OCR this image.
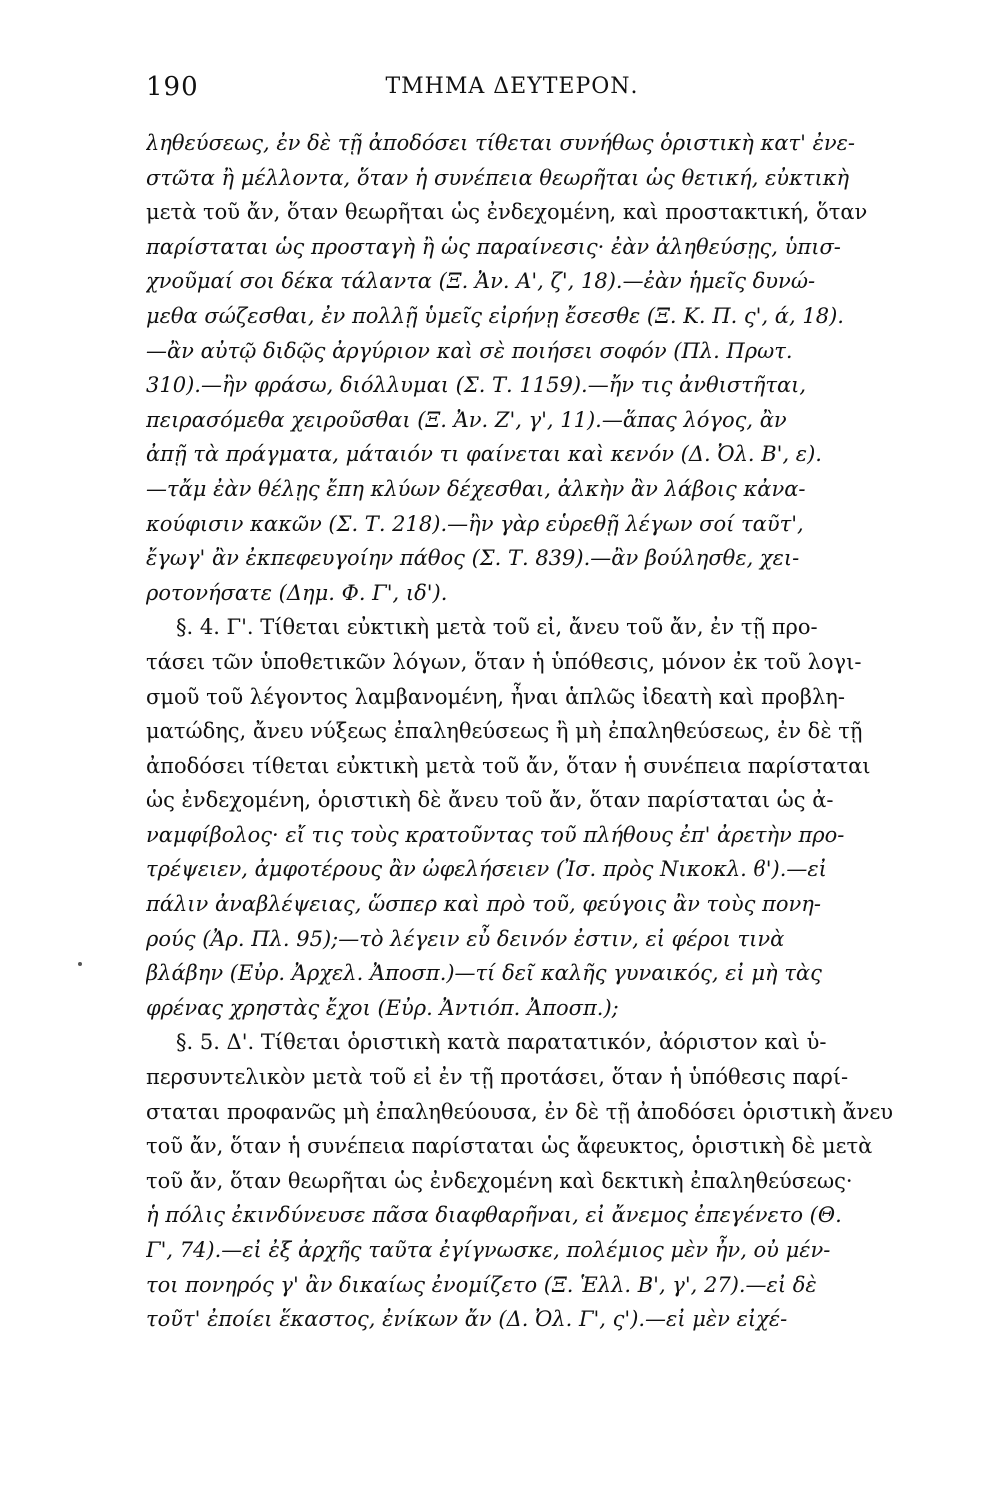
190	ΤΜΗΜΑ ΔΕΥΤΕΡΟΝ.
ληθεύσεως, ἐν δὲ τῇ ἀποδόσει τίθεται συνήθως ὁριστικὴ κατ' ἐνε-
στῶτα ἢ μέλλοντα, ὅταν ἡ συνέπεια θεωρῆται ὡς θετική, εὐκτικὴ
μετὰ τοῦ ἄν, ὅταν θεωρῆται ὡς ἐνδεχομένη, καὶ προστακτική, ὅταν
παρίσταται ὡς προσταγὴ ἢ ὡς παραίνεσις· ἐὰν ἀληθεύσῃς, ὑπισ-
χνοῦμαί σοι δέκα τάλαντα (Ξ. Ἀν. Α', ζ', 18).—ἐὰν ἡμεῖς δυνώ-
μεθα σώζεσθαι, ἐν πολλῇ ὑμεῖς εἰρήνῃ ἔσεσθε (Ξ. Κ. Π. ς', ά, 18).
—ἂν αὐτῷ διδῷς ἀργύριον καὶ σὲ ποιήσει σοφόν (Πλ. Πρωτ.
310).—ἢν φράσω, διόλλυμαι (Σ. Τ. 1159).—ἤν τις ἀνθιστῆται,
πειρασόμεθα χειροῦσθαι (Ξ. Ἀν. Ζ', γ', 11).—ἅπας λόγος, ἂν
ἀπῇ τὰ πράγματα, μάταιόν τι φαίνεται καὶ κενόν (Δ. Ὀλ. Β', ε).
—τἄμ ἐὰν θέλῃς ἔπη κλύων δέχεσθαι, ἀλκὴν ἂν λάβοις κἀνα-
κούφισιν κακῶν (Σ. Τ. 218).—ἢν γὰρ εὑρεθῇ λέγων σοί ταῦτ',
ἔγωγ' ἂν ἐκπεφευγοίην πάθος (Σ. Τ. 839).—ἂν βούλησθε, χει-
ροτονήσατε (Δημ. Φ. Γ', ιδ').
§. 4. Γ'. Τίθεται εὐκτικὴ μετὰ τοῦ εἰ, ἄνευ τοῦ ἄν, ἐν τῇ προ-
τάσει τῶν ὑποθετικῶν λόγων, ὅταν ἡ ὑπόθεσις, μόνον ἐκ τοῦ λογι-
σμοῦ τοῦ λέγοντος λαμβανομένη, ἦναι ἁπλῶς ἰδεατὴ καὶ προβλη-
ματώδης, ἄνευ νύξεως ἐπαληθεύσεως ἢ μὴ ἐπαληθεύσεως, ἐν δὲ τῇ
ἀποδόσει τίθεται εὐκτικὴ μετὰ τοῦ ἄν, ὅταν ἡ συνέπεια παρίσταται
ὡς ἐνδεχομένη, ὁριστικὴ δὲ ἄνευ τοῦ ἄν, ὅταν παρίσταται ὡς ἀ-
ναμφίβολος· εἴ τις τοὺς κρατοῦντας τοῦ πλήθους ἐπ' ἀρετὴν προ-
τρέψειεν, ἀμφοτέρους ἂν ὠφελήσειεν (Ἰσ. πρὸς Νικοκλ. ϐ').—εἰ
πάλιν ἀναβλέψειας, ὥσπερ καὶ πρὸ τοῦ, φεύγοις ἂν τοὺς πονη-
ρούς (Ἀρ. Πλ. 95);—τὸ λέγειν εὖ δεινόν ἐστιν, εἰ φέροι τινὰ
βλάβην (Εὐρ. Ἀρχελ. Ἀποσπ.)—τί δεῖ καλῆς γυναικός, εἰ μὴ τὰς
φρένας χρηστὰς ἔχοι (Εὐρ. Ἀντιόπ. Ἀποσπ.);
§. 5. Δ'. Τίθεται ὁριστικὴ κατὰ παρατατικόν, ἀόριστον καὶ ὑ-
περσυντελικὸν μετὰ τοῦ εἰ ἐν τῇ προτάσει, ὅταν ἡ ὑπόθεσις παρί-
σταται προφανῶς μὴ ἐπαληθεύουσα, ἐν δὲ τῇ ἀποδόσει ὁριστικὴ ἄνευ
τοῦ ἄν, ὅταν ἡ συνέπεια παρίσταται ὡς ἄφευκτος, ὁριστικὴ δὲ μετὰ
τοῦ ἄν, ὅταν θεωρῆται ὡς ἐνδεχομένη καὶ δεκτικὴ ἐπαληθεύσεως·
ἡ πόλις ἐκινδύνευσε πᾶσα διαφθαρῆναι, εἰ ἄνεμος ἐπεγένετο (Θ.
Γ', 74).—εἰ ἐξ ἀρχῆς ταῦτα ἐγίγνωσκε, πολέμιος μὲν ἦν, οὐ μέν-
τοι πονηρός γ' ἂν δικαίως ἐνομίζετο (Ξ. Ἑλλ. Β', γ', 27).—εἰ δὲ
τοῦτ' ἐποίει ἕκαστος, ἐνίκων ἄν (Δ. Ὀλ. Γ', ς').—εἰ μὲν εἰχέ-
